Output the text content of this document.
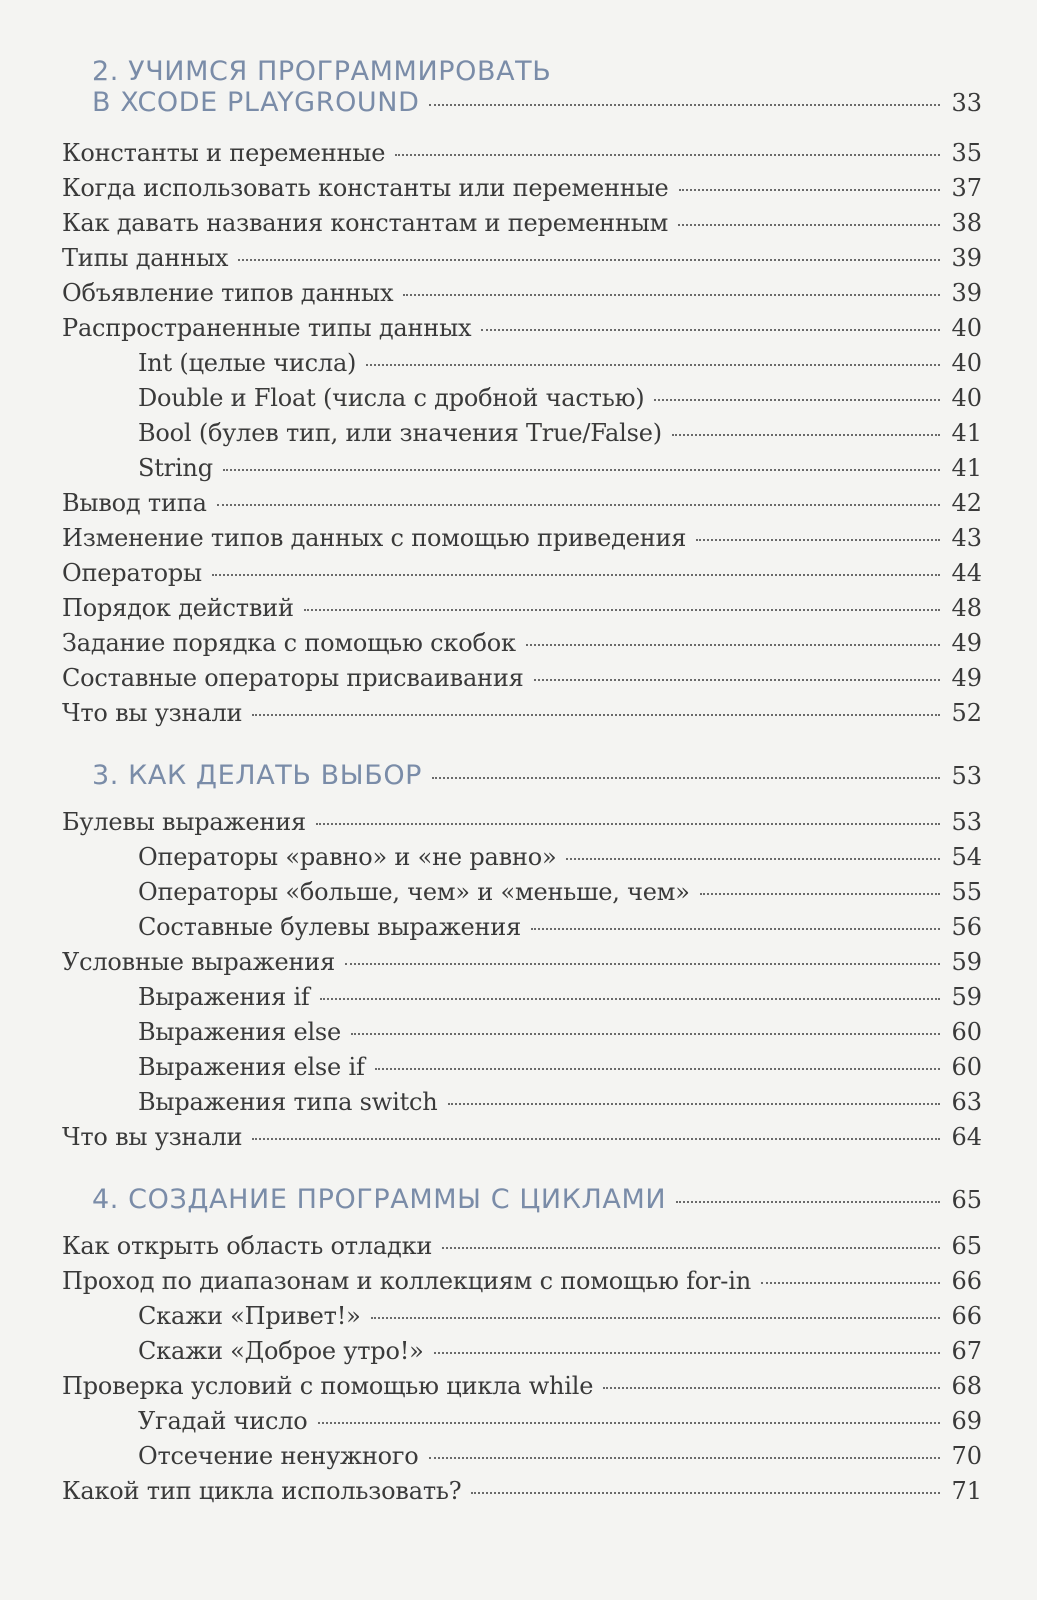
2. УЧИМСЯ ПРОГРАММИРОВАТЬ
В XCODE PLAYGROUND	33
Константы и переменные	35
Когда использовать константы или переменные	37
Как давать названия константам и переменным	38
Типы данных	39
Объявление типов данных	39
Распространенные типы данных	40
Int (целые числа)	40
Double и Float (числа с дробной частью)	40
Bool (булев тип, или значения True/False)	41
String	41
Вывод типа	42
Изменение типов данных с помощью приведения	43
Операторы	44
Порядок действий	48
Задание порядка с помощью скобок	49
Составные операторы присваивания	49
Что вы узнали	52
3. КАК ДЕЛАТЬ ВЫБОР	53
Булевы выражения	53
Операторы «равно» и «не равно»	54
Операторы «больше, чем» и «меньше, чем»	55
Составные булевы выражения	56
Условные выражения	59
Выражения if	59
Выражения else	60
Выражения else if	60
Выражения типа switch	63
Что вы узнали	64
4. СОЗДАНИЕ ПРОГРАММЫ С ЦИКЛАМИ	65
Как открыть область отладки	65
Проход по диапазонам и коллекциям с помощью for-in	66
Скажи «Привет!»	66
Скажи «Доброе утро!»	67
Проверка условий с помощью цикла while	68
Угадай число	69
Отсечение ненужного	70
Какой тип цикла использовать?	71
